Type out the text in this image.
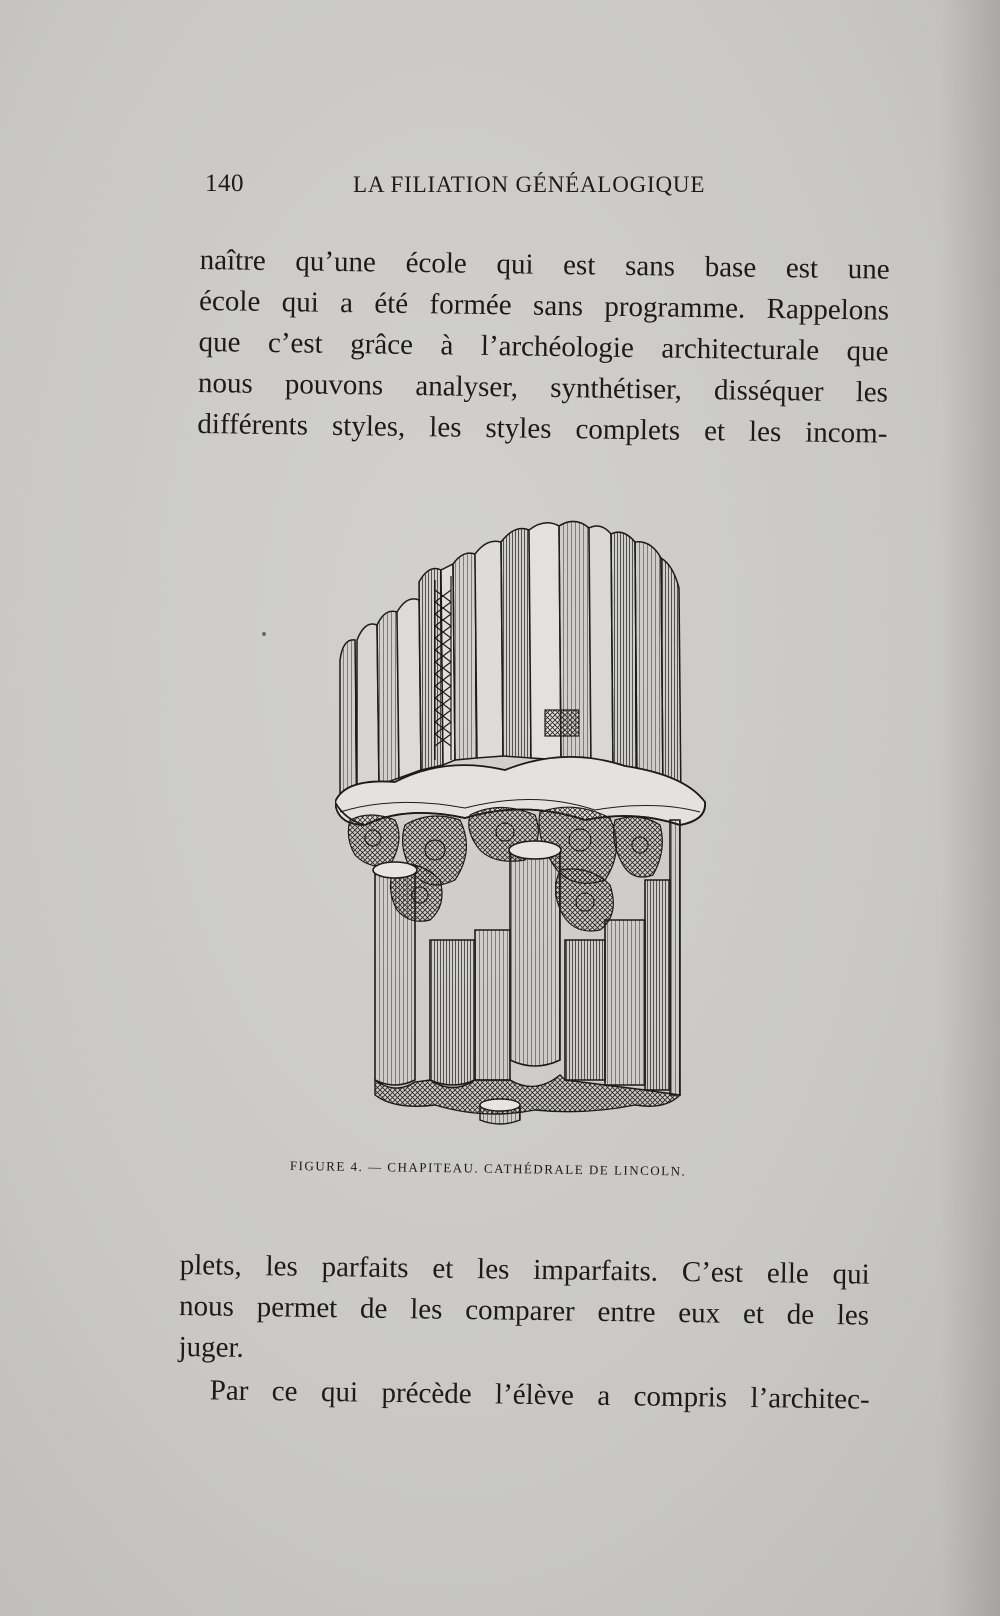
140	LA FILIATION GÉNÉALOGIQUE
naître qu’une école qui est sans base est une
école qui a été formée sans programme. Rappelons
que c’est grâce à l’archéologie architecturale que
nous pouvons analyser, synthétiser, disséquer les
différents styles, les styles complets et les incom-
FIGURE 4. — CHAPITEAU. CATHÉDRALE DE LINCOLN.
plets, les parfaits et les imparfaits. C’est elle qui
nous permet de les comparer entre eux et de les
juger.
Par ce qui précède l’élève a compris l’architec-
